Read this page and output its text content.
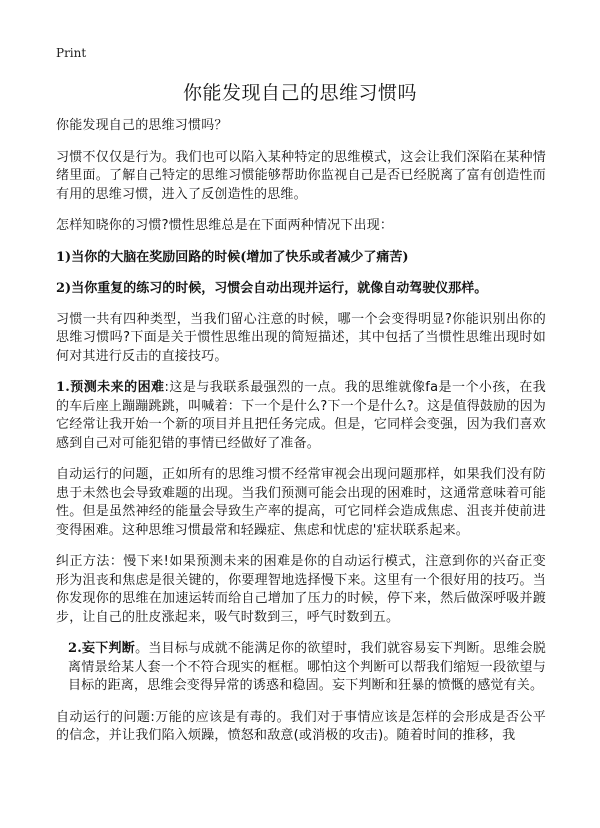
Print
你能发现自己的思维习惯吗

你能发现自己的思维习惯吗？

习惯不仅仅是行为。我们也可以陷入某种特定的思维模式，这会让我们深陷在某种情绪里面。了解自己特定的思维习惯能够帮助你监视自己是否已经脱离了富有创造性而有用的思维习惯，进入了反创造性的思维。

怎样知晓你的习惯?惯性思维总是在下面两种情况下出现：

1)当你的大脑在奖励回路的时候(增加了快乐或者减少了痛苦)

2)当你重复的练习的时候，习惯会自动出现并运行，就像自动驾驶仪那样。

习惯一共有四种类型，当我们留心注意的时候，哪一个会变得明显?你能识别出你的思维习惯吗?下面是关于惯性思维出现的简短描述，其中包括了当惯性思维出现时如何对其进行反击的直接技巧。

1.预测未来的困难:这是与我联系最强烈的一点。我的思维就像fa是一个小孩，在我的车后座上蹦蹦跳跳，叫喊着：下一个是什么?下一个是什么?。这是值得鼓励的因为它经常让我开始一个新的项目并且把任务完成。但是，它同样会变强，因为我们喜欢感到自己对可能犯错的事情已经做好了准备。

自动运行的问题，正如所有的思维习惯不经常审视会出现问题那样，如果我们没有防患于未然也会导致难题的出现。当我们预测可能会出现的困难时，这通常意味着可能性。但是虽然神经的能量会导致生产率的提高，可它同样会造成焦虑、沮丧并使前进变得困难。这种思维习惯最常和轻躁症、焦虑和忧虑的'症状联系起来。

纠正方法：慢下来!如果预测未来的困难是你的自动运行模式，注意到你的兴奋正变形为沮丧和焦虑是很关键的，你要理智地选择慢下来。这里有一个很好用的技巧。当你发现你的思维在加速运转而给自己增加了压力的时候，停下来，然后做深呼吸并踱步，让自己的肚皮涨起来，吸气时数到三，呼气时数到五。

2.妄下判断。当目标与成就不能满足你的欲望时，我们就容易妄下判断。思维会脱离情景给某人套一个不符合现实的框框。哪怕这个判断可以帮我们缩短一段欲望与目标的距离，思维会变得异常的诱惑和稳固。妄下判断和狂暴的愤慨的感觉有关。

自动运行的问题:万能的应该是有毒的。我们对于事情应该是怎样的会形成是否公平的信念，并让我们陷入烦躁，愤怒和敌意(或消极的攻击)。随着时间的推移，我
